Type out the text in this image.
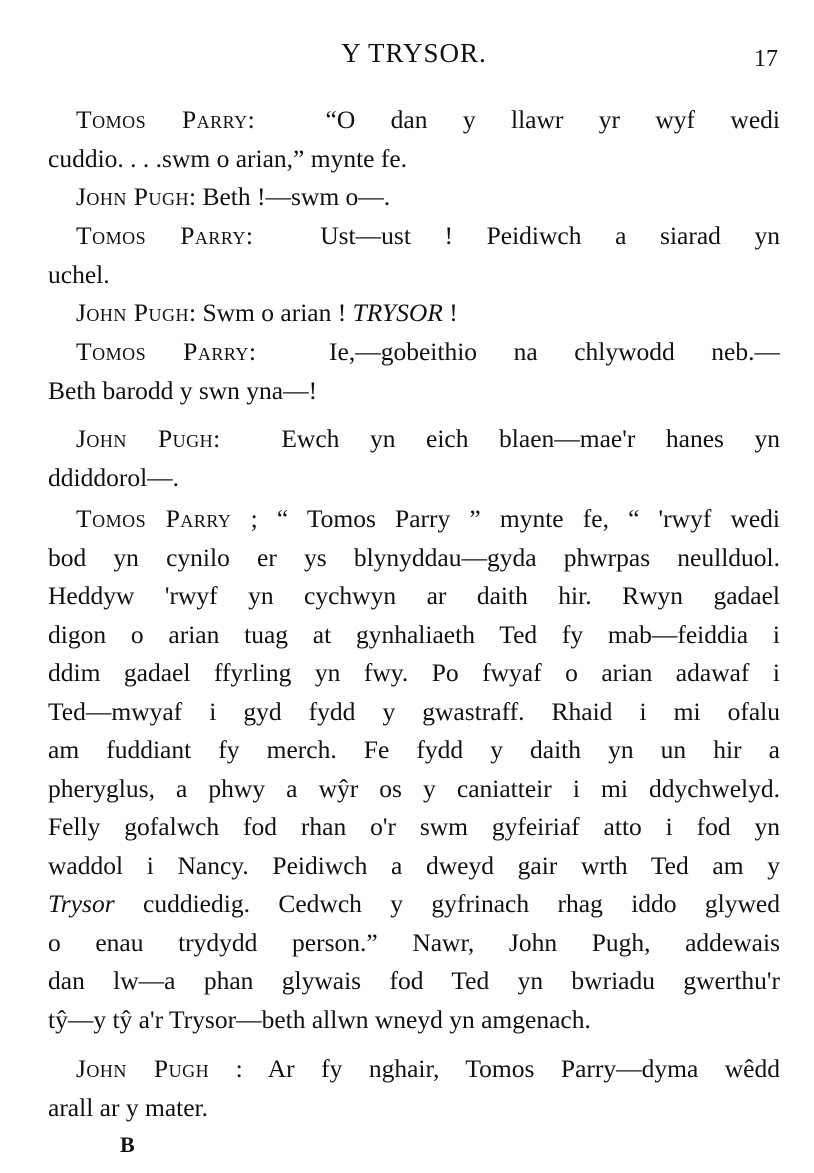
Y TRYSOR.	17
Tomos Parry:	“O dan y llawr yr wyf wedi
cuddio. . . .swm o arian,” mynte fe.
John Pugh: Beth !—swm o—.
Tomos Parry:	Ust—ust ! Peidiwch a siarad yn
uchel.
John Pugh: Swm o arian ! TRYSOR !
Tomos Parry:	Ie,—gobeithio na chlywodd neb.—
Beth barodd y swn yna—!
John Pugh: Ewch yn eich blaen—mae'r hanes yn
ddiddorol—.
Tomos Parry ; “ Tomos Parry ” mynte fe, “ 'rwyf wedi
bod yn cynilo er ys blynyddau—gyda phwrpas neullduol.
Heddyw 'rwyf yn cychwyn ar daith hir. Rwyn gadael
digon o arian tuag at gynhaliaeth Ted fy mab—feiddia i
ddim gadael ffyrling yn fwy. Po fwyaf o arian adawaf i
Ted—mwyaf i gyd fydd y gwastraff. Rhaid i mi ofalu
am fuddiant fy merch. Fe fydd y daith yn un hir a
pheryglus, a phwy a wŷr os y caniatteir i mi ddychwelyd.
Felly gofalwch fod rhan o'r swm gyfeiriaf atto i fod yn
waddol i Nancy. Peidiwch a dweyd gair wrth Ted am y
Trysor cuddiedig. Cedwch y gyfrinach rhag iddo glywed
o enau trydydd person.” Nawr, John Pugh, addewais
dan lw—a phan glywais fod Ted yn bwriadu gwerthu'r
tŷ—y tŷ a'r Trysor—beth allwn wneyd yn amgenach.
John Pugh : Ar fy nghair, Tomos Parry—dyma wêdd
arall ar y mater.
B
